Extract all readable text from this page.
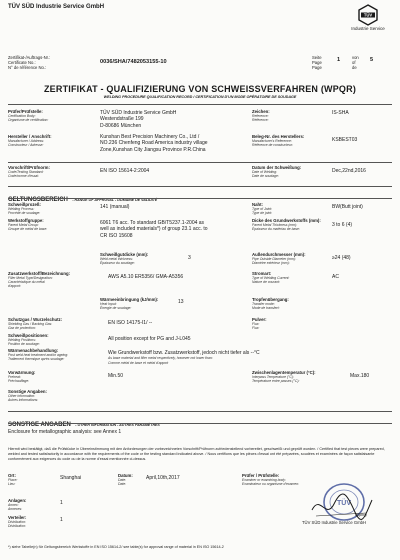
TÜV SÜD Industrie Service GmbH
TÜV
Industrie Service
Zertifikat-/Auftrags-Nr.:
Certificate No.:
N° de référence No.:
0036/SHA/7482053155-10
Seite
Page
Page
1	von
of
de
5
ZERTIFIKAT - QUALIFIZIERUNG VON SCHWEISSVERFAHREN (WPQR)
WELDING PROCEDURE QUALIFICATION RECORD / CERTIFICATION D'UN MODE OPÉRATOIRE DE SOUDAGE
Prüfer/Prüfstelle:
Certification Body:
Organisme de certification:
TÜV SÜD Industrie Service GmbH
Westendstraße 199
D-80686 München
Zeichen:
Reference:
Référence:
IS-SHA
Hersteller / Anschrift:
Manufacturer / Address:
Constructeur / Adresse:
Kunshan Best Precision Machinery Co., Ltd /
NO.236 Chenfeng Road America industry village
Zone,Kunshan City Jiangsu Province P.R.China
Beleg-Nr. des Herstellers:
Manufacturer's Reference:
Référence de constructeur:
KSBEST03
Vorschrift/Prüfnorm:
Code/Testing Standard:
Code/norme d'essai:
EN ISO 15614-2:2004
Datum der Schweißung:
Date of Welding:
Date de soudage:
Dec,22nd,2016
GELTUNGSBEREICH - RANGE OF APPROVAL - DOMAINE DE VALIDITÉ
Schweißprozeß:
Welding Process:
Procédé de soudage:
141 (manual)	Naht:
Type of Joint:
Type de joint:
BW(Butt joint)
Werkstoffgruppe:
Parent Metal Group:
Groupe de métal de base:
6061 T6 acc. To standard GB/T5237.1-2004 as
well as included materials*) of group 23.1 acc. to
CR ISO 15608
Dicke des Grundwerkstoffs (mm):
Parent Metal Thickness (mm):
Épaisseur du matériau de base:
3 to 6 (4)
Schweißgutdicke (mm):
Weld metal thickness:
Épaisseur du soudage:
3
Außendurchmesser (mm):
Pipe Outside Diameter (mm):
Diamètre extérieur (mm):
≥24 (48)
Zusatzwerkstoff/Bezeichnung:
Filler Metal Type/Designation:
Caractéristique du métal
d'apport:
AWS A5.10 ER5356/ GMA-A5356
Stromart:
Type of Welding Current:
Nature de courant:
AC
Wärmeeinbringung (kJ/mm):
Heat Input:
Énergie de soudage:
13	Tropfenübergang:
Transfer mode:
Mode de transfert:
Schutzgas / Wurzelschutz:
Shielding Gas / Backing Gas:
Gaz de protection:
EN ISO 14175-I1/ --
Pulver:
Flux:
Flux:
Schweißpositionen:
Welding Positions:
Position de soudage:
All position except for PG and J-L045
Wärmenachbehandlung:
Post weld heat treatment and/or ageing:
Traitement thermique après soudage:
Wie Grundwerkstoff bzw. Zusatzwerkstoff, jedoch nicht tiefer als --°C
As base material and filler metal respectively, however not lower than:
Comme métal de base et métal d'apport
Vorwärmung:
Preheat:
Préchauffage:
Min.50
Zwischenlagentemperatur (°C):
Interpass Temperature (°C):
Température entre passes (°C):
Max.180
Sonstige Angaben:
Other information:
Autres informations:
SONSTIGE ANGABEN - OTHER INFORMATION - AUTRES PARAMÈTRES
Enclosure for metallographic analysis: see Annex 1
Hiermit wird bestätigt, daß die Prüfstücke in Übereinstimmung mit den Anforderungen der vorbezeichneten Vorschrift/Prüfnorm zufriedenstellend vorbereitet, geschweißt und geprüft wurden. / Certified that test pieces were prepared, welded and tested satisfactorily in accordance with the requirements of the code or the testing standard indicated above. / Nous certifions que les pièces d'essai ont été préparées, soudées et examinées de façon satisfaisante conformément aux exigences du code ou de la norme d'essai mentionnée ci-dessus.
Ort:
Place:
Lieu:
Shanghai	Datum:
Date:
Date:
April,10th,2017	Prüfer / Prüfstelle:
Examiner or examining body:
Examinateur ou organisme d'examen:
TÜV
Qiping
TÜV SÜD Industrie Service GmbH
Anlagen:
Annex:
Annexes:
1
Verteiler:
Distribution:
Distribution:
1
*) siehe Tabelle(n) für Geltungsbereich Werkstoffe in EN ISO 15614-2/ see table(s) for approval range of material in EN ISO 15614-2
